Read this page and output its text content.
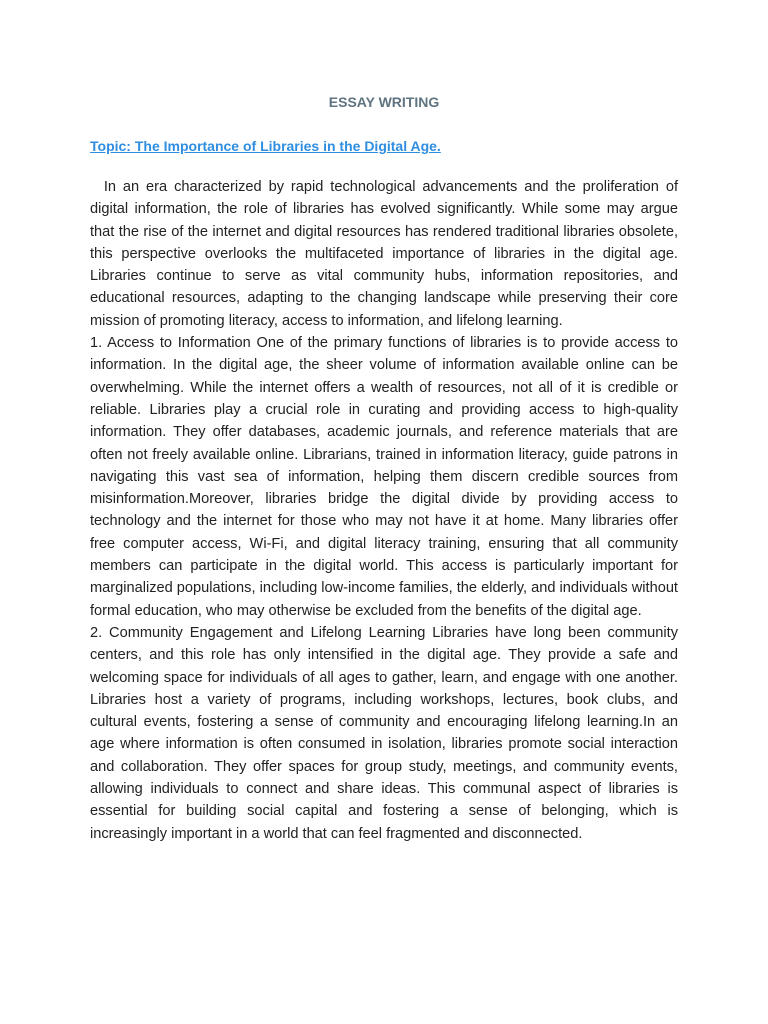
ESSAY WRITING
Topic: The Importance of Libraries in the Digital Age.

In an era characterized by rapid technological advancements and the proliferation of digital information, the role of libraries has evolved significantly. While some may argue that the rise of the internet and digital resources has rendered traditional libraries obsolete, this perspective overlooks the multifaceted importance of libraries in the digital age. Libraries continue to serve as vital community hubs, information repositories, and educational resources, adapting to the changing landscape while preserving their core mission of promoting literacy, access to information, and lifelong learning.

1. Access to Information One of the primary functions of libraries is to provide access to information. In the digital age, the sheer volume of information available online can be overwhelming. While the internet offers a wealth of resources, not all of it is credible or reliable. Libraries play a crucial role in curating and providing access to high-quality information. They offer databases, academic journals, and reference materials that are often not freely available online. Librarians, trained in information literacy, guide patrons in navigating this vast sea of information, helping them discern credible sources from misinformation.Moreover, libraries bridge the digital divide by providing access to technology and the internet for those who may not have it at home. Many libraries offer free computer access, Wi-Fi, and digital literacy training, ensuring that all community members can participate in the digital world. This access is particularly important for marginalized populations, including low-income families, the elderly, and individuals without formal education, who may otherwise be excluded from the benefits of the digital age.

2. Community Engagement and Lifelong Learning Libraries have long been community centers, and this role has only intensified in the digital age. They provide a safe and welcoming space for individuals of all ages to gather, learn, and engage with one another. Libraries host a variety of programs, including workshops, lectures, book clubs, and cultural events, fostering a sense of community and encouraging lifelong learning.In an age where information is often consumed in isolation, libraries promote social interaction and collaboration. They offer spaces for group study, meetings, and community events, allowing individuals to connect and share ideas. This communal aspect of libraries is essential for building social capital and fostering a sense of belonging, which is increasingly important in a world that can feel fragmented and disconnected.
